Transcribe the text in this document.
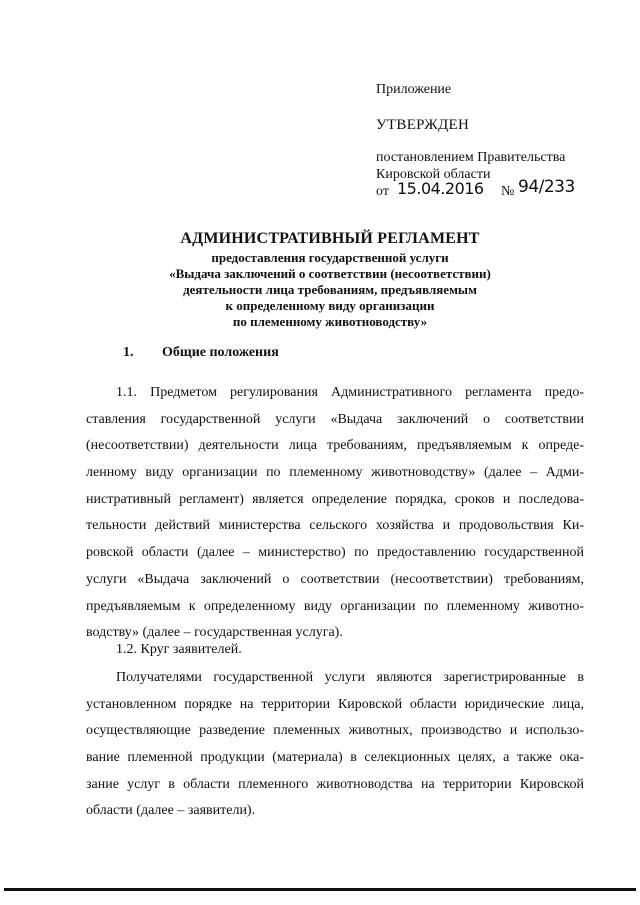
Приложение
УТВЕРЖДЕН
постановлением Правительства
Кировской области
от 15.04.2016 № 94/233
АДМИНИСТРАТИВНЫЙ РЕГЛАМЕНТ
предоставления государственной услуги
«Выдача заключений о соответствии (несоответствии)
деятельности лица требованиям, предъявляемым
к определенному виду организации
по племенному животноводству»
1. Общие положения
1.1. Предметом регулирования Административного регламента предо-
ставления государственной услуги «Выдача заключений о соответствии
(несоответствии) деятельности лица требованиям, предъявляемым к опреде-
ленному виду организации по племенному животноводству» (далее – Адми-
нистративный регламент) является определение порядка, сроков и последова-
тельности действий министерства сельского хозяйства и продовольствия Ки-
ровской области (далее – министерство) по предоставлению государственной
услуги «Выдача заключений о соответствии (несоответствии) требованиям,
предъявляемым к определенному виду организации по племенному животно-
водству» (далее – государственная услуга).
1.2. Круг заявителей.
Получателями государственной услуги являются зарегистрированные в
установленном порядке на территории Кировской области юридические лица,
осуществляющие разведение племенных животных, производство и использо-
вание племенной продукции (материала) в селекционных целях, а также ока-
зание услуг в области племенного животноводства на территории Кировской
области (далее – заявители).
